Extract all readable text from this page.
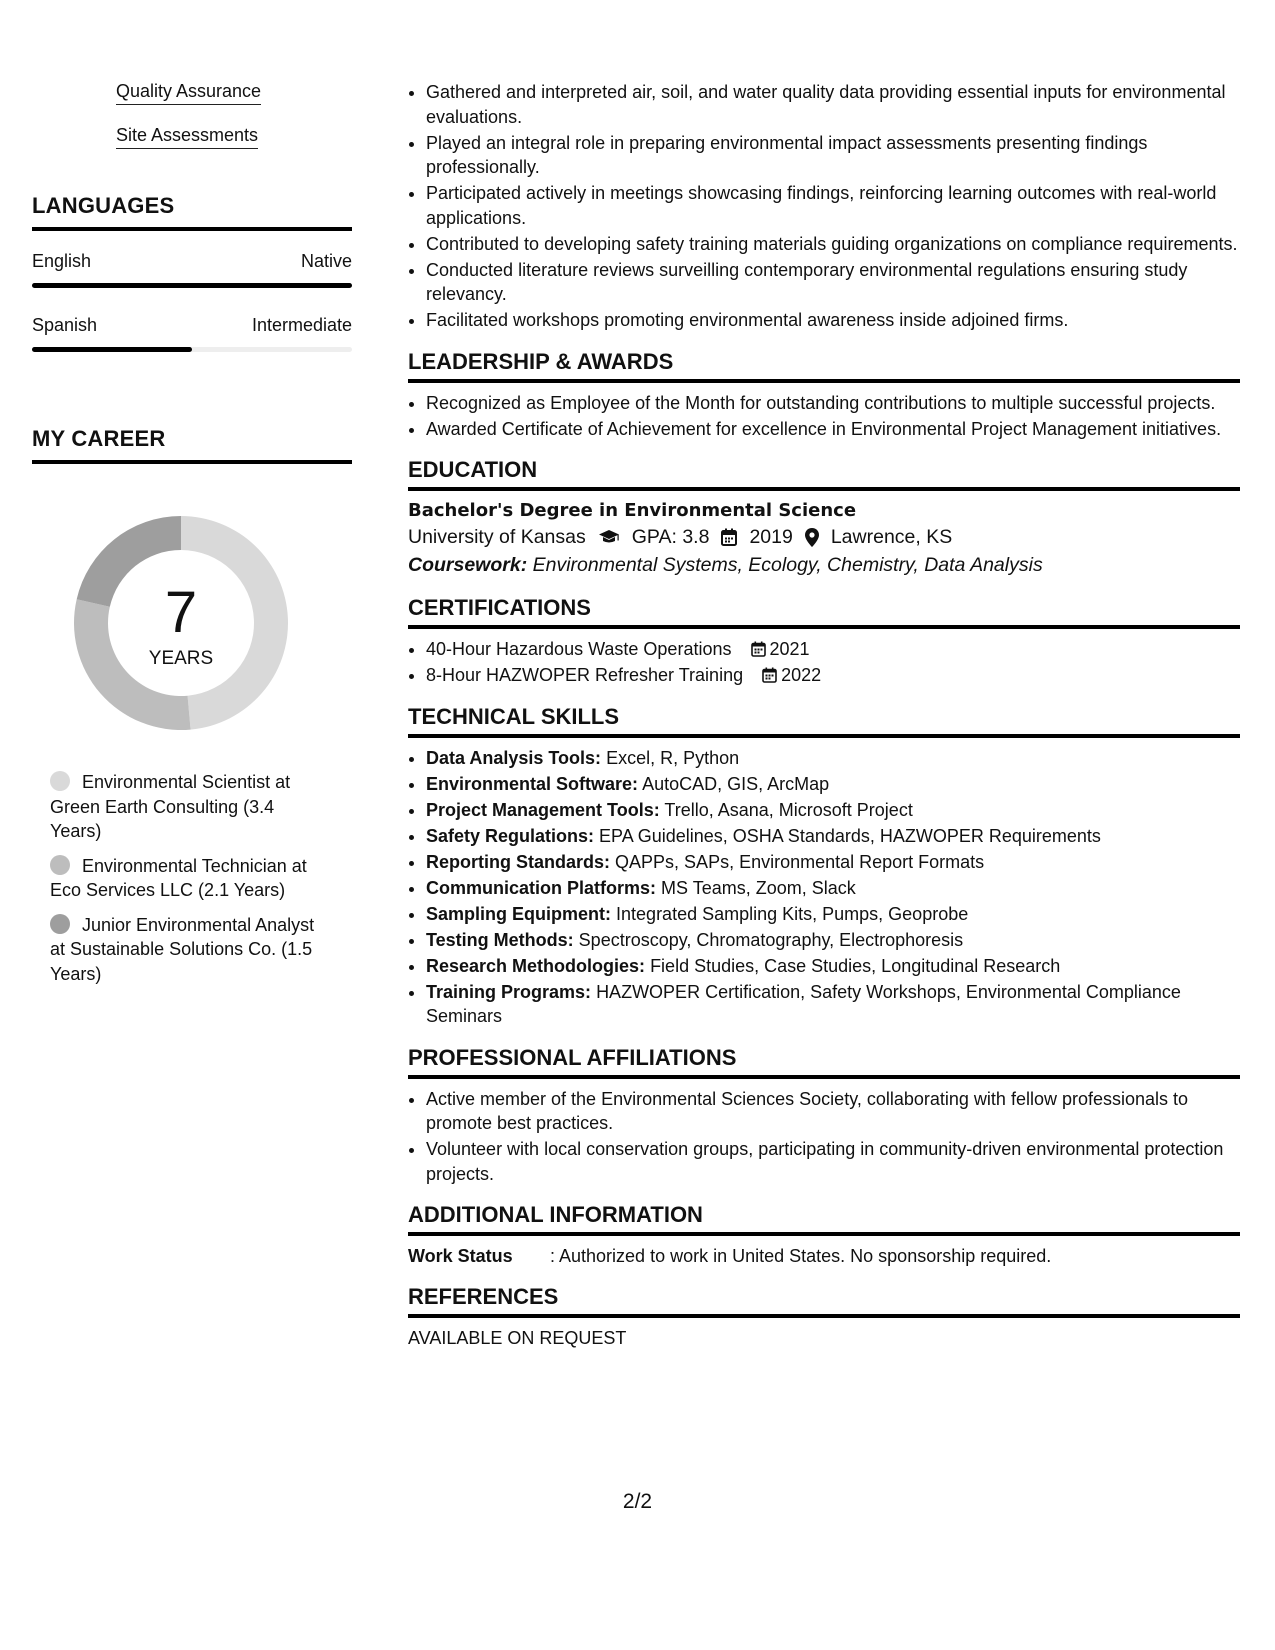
Quality Assurance
Site Assessments
LANGUAGES
English	Native
Spanish	Intermediate
MY CAREER
7
YEARS
Environmental Scientist at Green Earth Consulting (3.4 Years)
Environmental Technician at Eco Services LLC (2.1 Years)
Junior Environmental Analyst at Sustainable Solutions Co. (1.5 Years)
• Gathered and interpreted air, soil, and water quality data providing essential inputs for environmental evaluations.
• Played an integral role in preparing environmental impact assessments presenting findings professionally.
• Participated actively in meetings showcasing findings, reinforcing learning outcomes with real-world applications.
• Contributed to developing safety training materials guiding organizations on compliance requirements.
• Conducted literature reviews surveilling contemporary environmental regulations ensuring study relevancy.
• Facilitated workshops promoting environmental awareness inside adjoined firms.
LEADERSHIP & AWARDS
• Recognized as Employee of the Month for outstanding contributions to multiple successful projects.
• Awarded Certificate of Achievement for excellence in Environmental Project Management initiatives.
EDUCATION
Bachelor's Degree in Environmental Science
University of Kansas GPA: 3.8 2019 Lawrence, KS
Coursework: Environmental Systems, Ecology, Chemistry, Data Analysis
CERTIFICATIONS
• 40-Hour Hazardous Waste Operations 2021
• 8-Hour HAZWOPER Refresher Training 2022
TECHNICAL SKILLS
• Data Analysis Tools: Excel, R, Python
• Environmental Software: AutoCAD, GIS, ArcMap
• Project Management Tools: Trello, Asana, Microsoft Project
• Safety Regulations: EPA Guidelines, OSHA Standards, HAZWOPER Requirements
• Reporting Standards: QAPPs, SAPs, Environmental Report Formats
• Communication Platforms: MS Teams, Zoom, Slack
• Sampling Equipment: Integrated Sampling Kits, Pumps, Geoprobe
• Testing Methods: Spectroscopy, Chromatography, Electrophoresis
• Research Methodologies: Field Studies, Case Studies, Longitudinal Research
• Training Programs: HAZWOPER Certification, Safety Workshops, Environmental Compliance Seminars
PROFESSIONAL AFFILIATIONS
• Active member of the Environmental Sciences Society, collaborating with fellow professionals to promote best practices.
• Volunteer with local conservation groups, participating in community-driven environmental protection projects.
ADDITIONAL INFORMATION
Work Status	: Authorized to work in United States. No sponsorship required.
REFERENCES
AVAILABLE ON REQUEST
2/2
